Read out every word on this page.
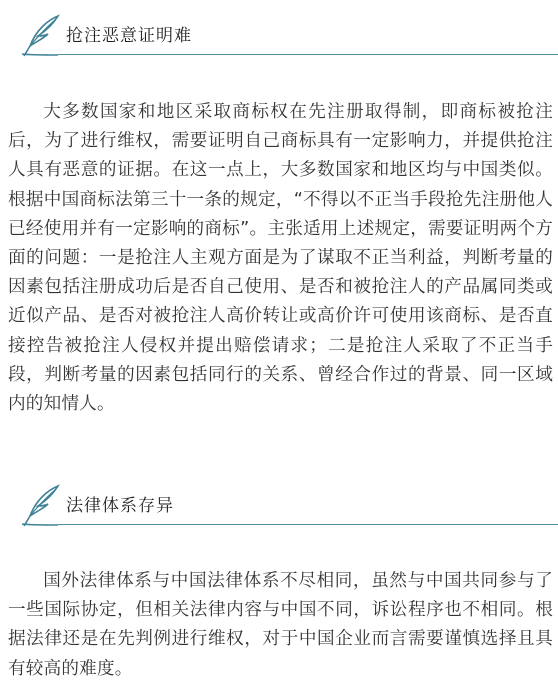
抢注恶意证明难
大多数国家和地区采取商标权在先注册取得制，即商标被抢注后，为了进行维权，需要证明自己商标具有一定影响力，并提供抢注人具有恶意的证据。在这一点上，大多数国家和地区均与中国类似。根据中国商标法第三十一条的规定，“不得以不正当手段抢先注册他人已经使用并有一定影响的商标”。主张适用上述规定，需要证明两个方面的问题：一是抢注人主观方面是为了谋取不正当利益，判断考量的因素包括注册成功后是否自己使用、是否和被抢注人的产品属同类或近似产品、是否对被抢注人高价转让或高价许可使用该商标、是否直接控告被抢注人侵权并提出赔偿请求；二是抢注人采取了不正当手段，判断考量的因素包括同行的关系、曾经合作过的背景、同一区域内的知情人。
法律体系存异
国外法律体系与中国法律体系不尽相同，虽然与中国共同参与了一些国际协定，但相关法律内容与中国不同，诉讼程序也不相同。根据法律还是在先判例进行维权，对于中国企业而言需要谨慎选择且具有较高的难度。
